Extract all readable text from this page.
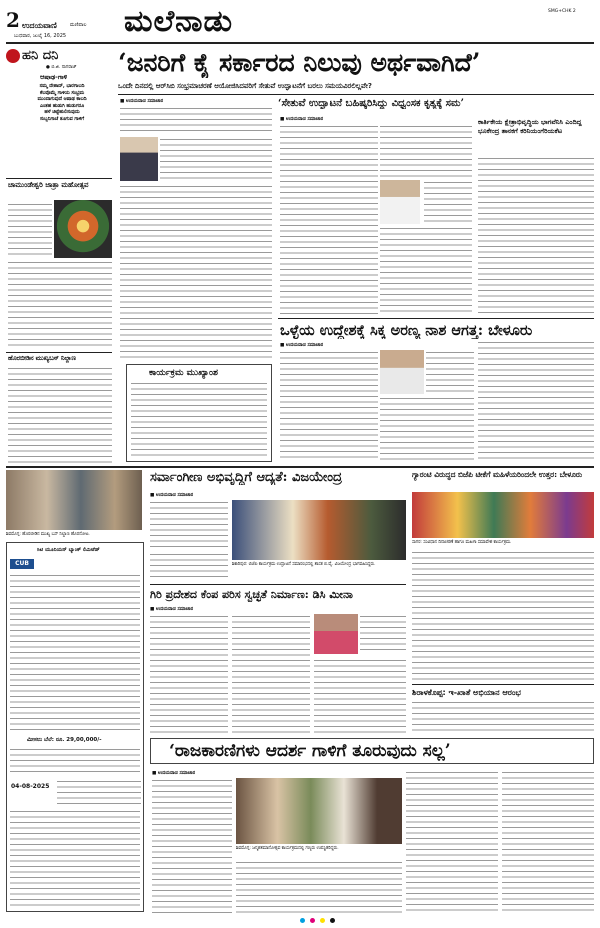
2 ಉದಯವಾಣಿ	ಮಣಿಪಾಲ
ಬುಧವಾರ, ಜುಲೈ 16, 2025 ಮಲೆನಾಡು	SMG+CHK 2
ಹನಿ ದನಿ
● ಬಿ.ಜಿ. ನಾಗರಾಜ್
ಆಷಾಢ-ಗಾಳಿ
ನಮ್ಮ ದೇಶಾದ್, ಭಾರಗಾಲದಿ
ಕೆಲವೊಮ್ಮೆ ಗಾಳಿಯ ಸಂಭ್ರಮ
ಮುಂದಾಗುವುದೆ ಆಷಾಢ ಕಾಲದಿ
ಎಂತಹ ಹುಡುಗಿ ಹುಡುಗರೂ
ಹಳೆ ಚಿಟ್ಟೆಹುಲಿಸುವುದು
ಸುಬ್ಬನಿಗಾಚೆ ತೂಗುವ ಗಾಳಿಗೆ
ಚಾಮುಂಡೇಶ್ವರಿ ಜಾತ್ರಾ ಮಹೋತ್ಸವ
ಹೊರಬೀಡಿನ ಮುಖ್ಯಬಸ್ ನಿಲ್ದಾಣ
‘ಜನರಿಗೆ ಕೈ ಸರ್ಕಾರದ ನಿಲುವು ಅರ್ಥವಾಗಿದೆ’
ಒಂದೇ ದಿನದಲ್ಲಿ ಆರ್‌ಸಿಬಿ ಸಂಭ್ರಮಾಚರಣೆ ಆಯೋಜಿಸಿದವರಿಗೆ ಸೇತುವೆ ಉದ್ಘಾಟನೆಗೆ ಬರಲು ಸಮಯವಿರಲಿಲ್ಲವೇ?
■ ಉದಯವಾಣಿ ಸಮಾಚಾರ
ಕಾರ್ಯಕ್ರಮ ಮುಖ್ಯಾಂಶ
‘ಸೇತುವೆ ಉದ್ಘಾಟನೆ ಬಹಿಷ್ಕರಿಸಿದ್ದು ವಿಧ್ವಂಸಕ ಕೃತ್ಯಕ್ಕೆ ಸಮ’
■ ಉದಯವಾಣಿ ಸಮಾಚಾರ	ಕಾರ್ತಿಕೇಯ ಕ್ಷೇತ್ರಾಭಿವೃದ್ಧಿಯ ಭಾಗವೆನಿಸಿ ಎಂದಿದ್ದ ಭೂಕೇಂದ್ರ ತಾನಕಗೆ ಕರಿನಿಯಂಗೆರಿಯಕೆಟ
ಒಳ್ಳೆಯ ಉದ್ದೇಶಕ್ಕೆ ಸಿಕ್ಕ ಅರಣ್ಯ ನಾಶ ಆಗತ್ತ: ಬೇಳೂರು
■ ಉದಯವಾಣಿ ಸಮಾಚಾರ
ಶಿವಮೊಗ್ಗ: ಹೊರಬೀಡಿನ ಮುಖ್ಯ ಬಸ್ ನಿಲ್ದಾಣ ಹೊರನೋಟ.
ಸರ್ವಾಂಗೀಣ ಅಭಿವೃದ್ಧಿಗೆ ಆದ್ಯತೆ: ವಿಜಯೇಂದ್ರ
■ ಉದಯವಾಣಿ ಸಮಾಚಾರ
ಶಿಕಾರಿಪುರ: ಬಿಜೆಪಿ ಕಾರ್ಯಕ್ರಮ ಉದ್ಘಾಟನೆ ಸಮಾರಂಭದಲ್ಲಿ ಶಾಸಕ ಬಿ.ವೈ. ವಿಜಯೇಂದ್ರ ಭಾಗವಹಿಸಿದ್ದರು.
ಗ್ಯಾರಂಟಿ ವಿರುದ್ಧದ ಬಿಜೆಪಿ ಟೀಕೆಗೆ ಮಹಿಳೆಯರಿಂದಲೇ ಉತ್ತರ: ಬೇಳೂರು
ಸಾಗರ: ಸಂವಿಧಾನ ದಿನಾಚರಣೆ ಹಾಗೂ ಮಹಿಳಾ ಸಮಾವೇಶ ಕಾರ್ಯಕ್ರಮ.
ಸಿಟಿ ಯೂನಿಯನ್ ಬ್ಯಾಂಕ್ ಲಿಮಿಟೆಡ್
CUB
ಮೀಸಲು ಬೆಲೆ: ರೂ. 29,00,000/-
04-08-2025
ಗಿರಿ ಪ್ರದೇಶದ ಕೆಂಪ ಪರಿಸ ಸ್ವಚ್ಛತೆ ನಿರ್ಮಾಣ: ಡಿಸಿ ಮೀನಾ
■ ಉದಯವಾಣಿ ಸಮಾಚಾರ
ಶಿರಾಳಕೊಪ್ಪ: ಇ-ಖಾತೆ ಅಭಿಯಾನ ಆರಂಭ
‘ರಾಜಕಾರಣಿಗಳು ಆದರ್ಶ ಗಾಳಿಗೆ ತೂರುವುದು ಸಲ್ಲ’
■ ಉದಯವಾಣಿ ಸಮಾಚಾರ
ಶಿವಮೊಗ್ಗ: ಜನ್ಮಶತಮಾನೋತ್ಸವ ಕಾರ್ಯಕ್ರಮದಲ್ಲಿ ಗಣ್ಯರು ಉಪಸ್ಥಿತರಿದ್ದರು.
